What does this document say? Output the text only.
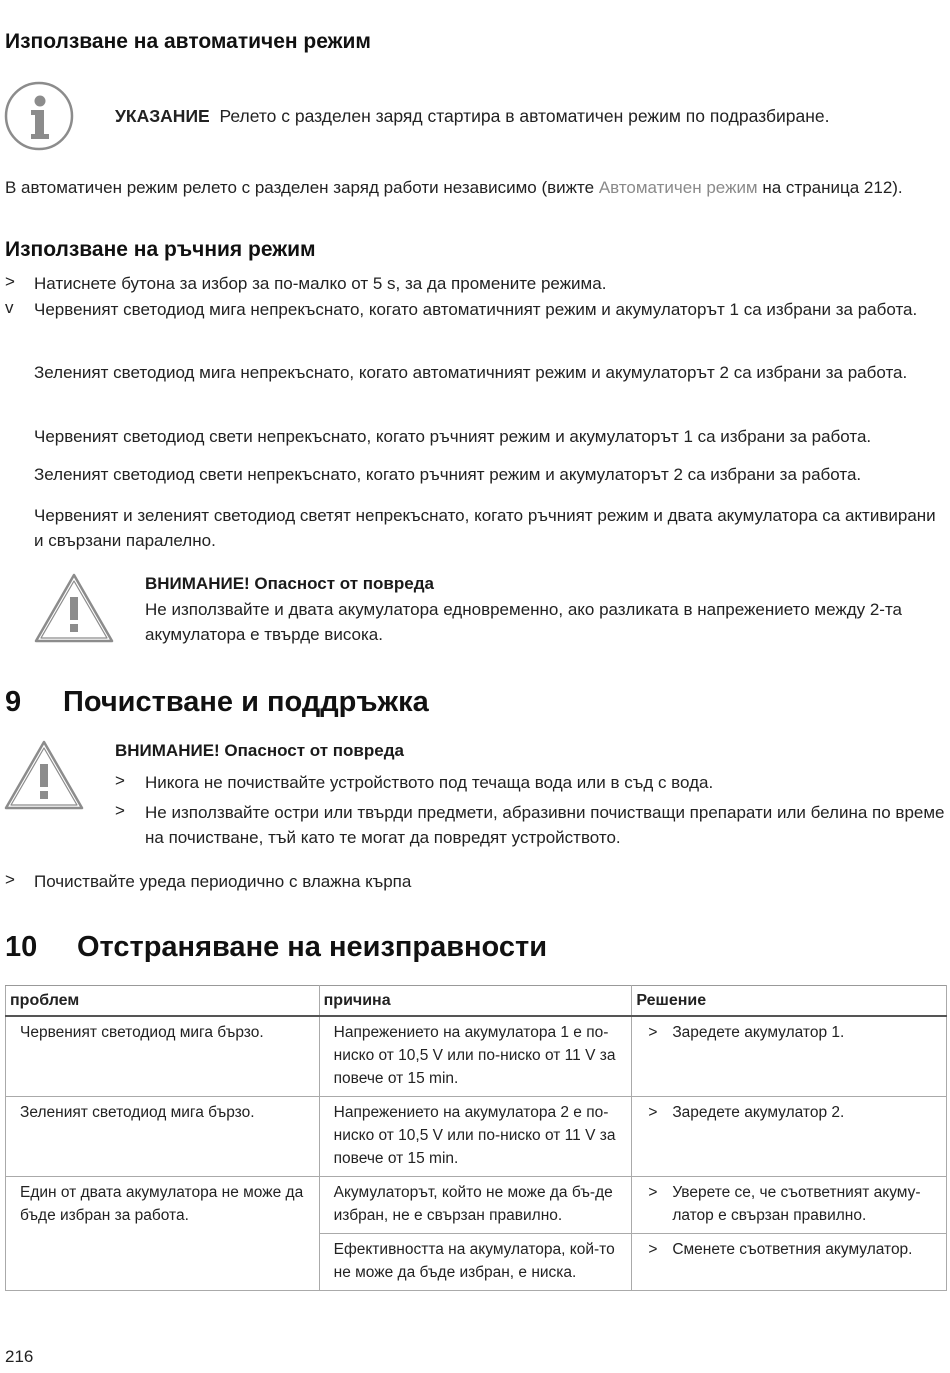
Използване на автоматичен режим
УКАЗАНИЕ Релето с разделен заряд стартира в автоматичен режим по подразбиране.
В автоматичен режим релето с разделен заряд работи независимо (вижте Автоматичен режим на страница 212).
Използване на ръчния режим
> Натиснете бутона за избор за по-малко от 5 s, за да промените режима.
v Червеният светодиод мига непрекъснато, когато автоматичният режим и акумулаторът 1 са избрани за работа.
Зеленият светодиод мига непрекъснато, когато автоматичният режим и акумулаторът 2 са избрани за работа.
Червеният светодиод свети непрекъснато, когато ръчният режим и акумулаторът 1 са избрани за работа.
Зеленият светодиод свети непрекъснато, когато ръчният режим и акумулаторът 2 са избрани за работа.
Червеният и зеленият светодиод светят непрекъснато, когато ръчният режим и двата акумулатора са активирани и свързани паралелно.
ВНИМАНИЕ! Опасност от повреда
Не използвайте и двата акумулатора едновременно, ако разликата в напрежението между 2-та акумулатора е твърде висока.
9 Почистване и поддръжка
ВНИМАНИЕ! Опасност от повреда
> Никога не почиствайте устройството под течаща вода или в съд с вода.
> Не използвайте остри или твърди предмети, абразивни почистващи препарати или белина по време на почистване, тъй като те могат да повредят устройството.
> Почиствайте уреда периодично с влажна кърпа
10 Отстраняване на неизправности
проблем	причина	Решение
Червеният светодиод мига бързо.	Напрежението на акумулатора 1 е по-ниско от 10,5 V или по-ниско от 11 V за повече от 15 min.	> Заредете акумулатор 1.

Зеленият светодиод мига бързо.	Напрежението на акумулатора 2 е по-ниско от 10,5 V или по-ниско от 11 V за повече от 15 min.	> Заредете акумулатор 2.

Един от двата акумулатора не може да бъде избран за работа.	Акумулаторът, който не може да бъ-де избран, не е свързан правилно.	> Уверете се, че съответният акуму-латор е свързан правилно.

	Ефективността на акумулатора, кой-то не може да бъде избран, е ниска.	> Сменете съответния акумулатор.
216
